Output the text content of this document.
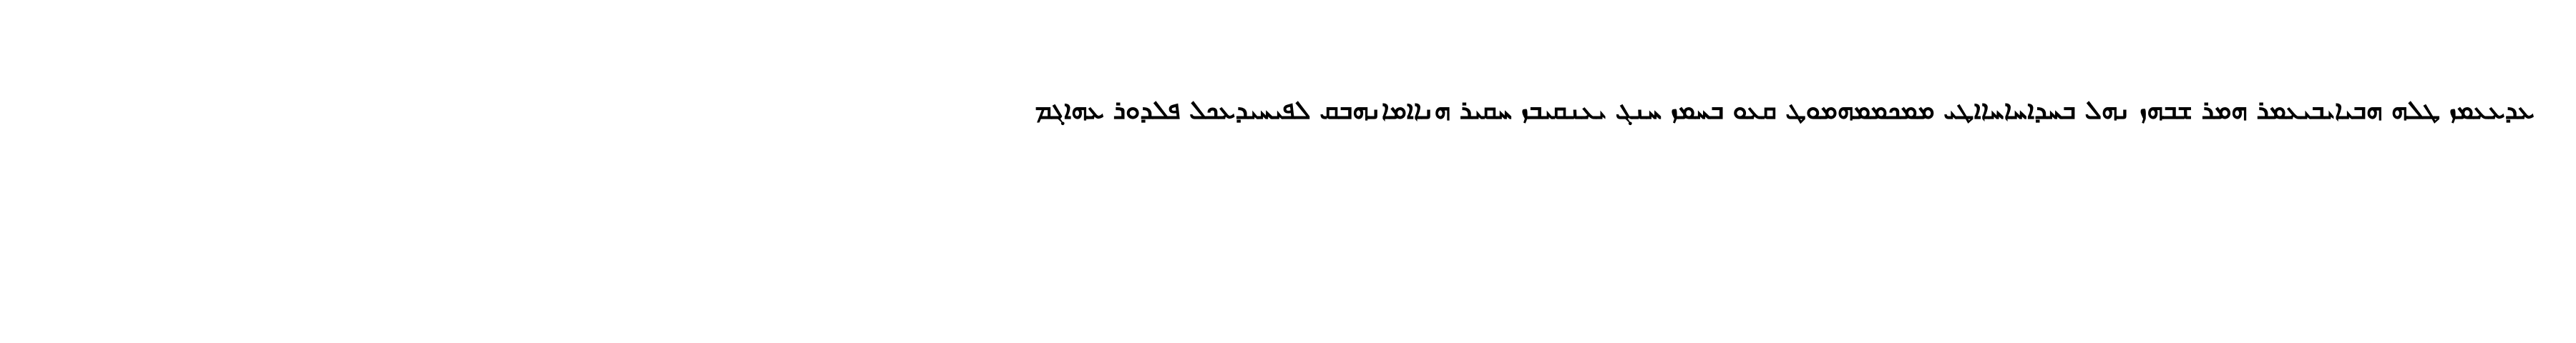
ܥܕܥܥܡܙ ܛܠܗ ܗܒܝܐܝܒܝܥܡܪ ܗܡܪ ܫܒܗܙ ܢܗܠ ܒܚܕܐܚܐܚܐܐܛܝ ܡܡܟܡܡܗܡܘܛ ܩܥܘ ܒܚܡܙ ܚܢܓ ܝܥܢܩܝܒܙ ܚܩܝܪ ܗܢܐܐܡܐܢܗܒܩ ܠܦܝܚܝܕܥܟܠ ܦܠܕܘܪ ܥܗܐܓܡ
